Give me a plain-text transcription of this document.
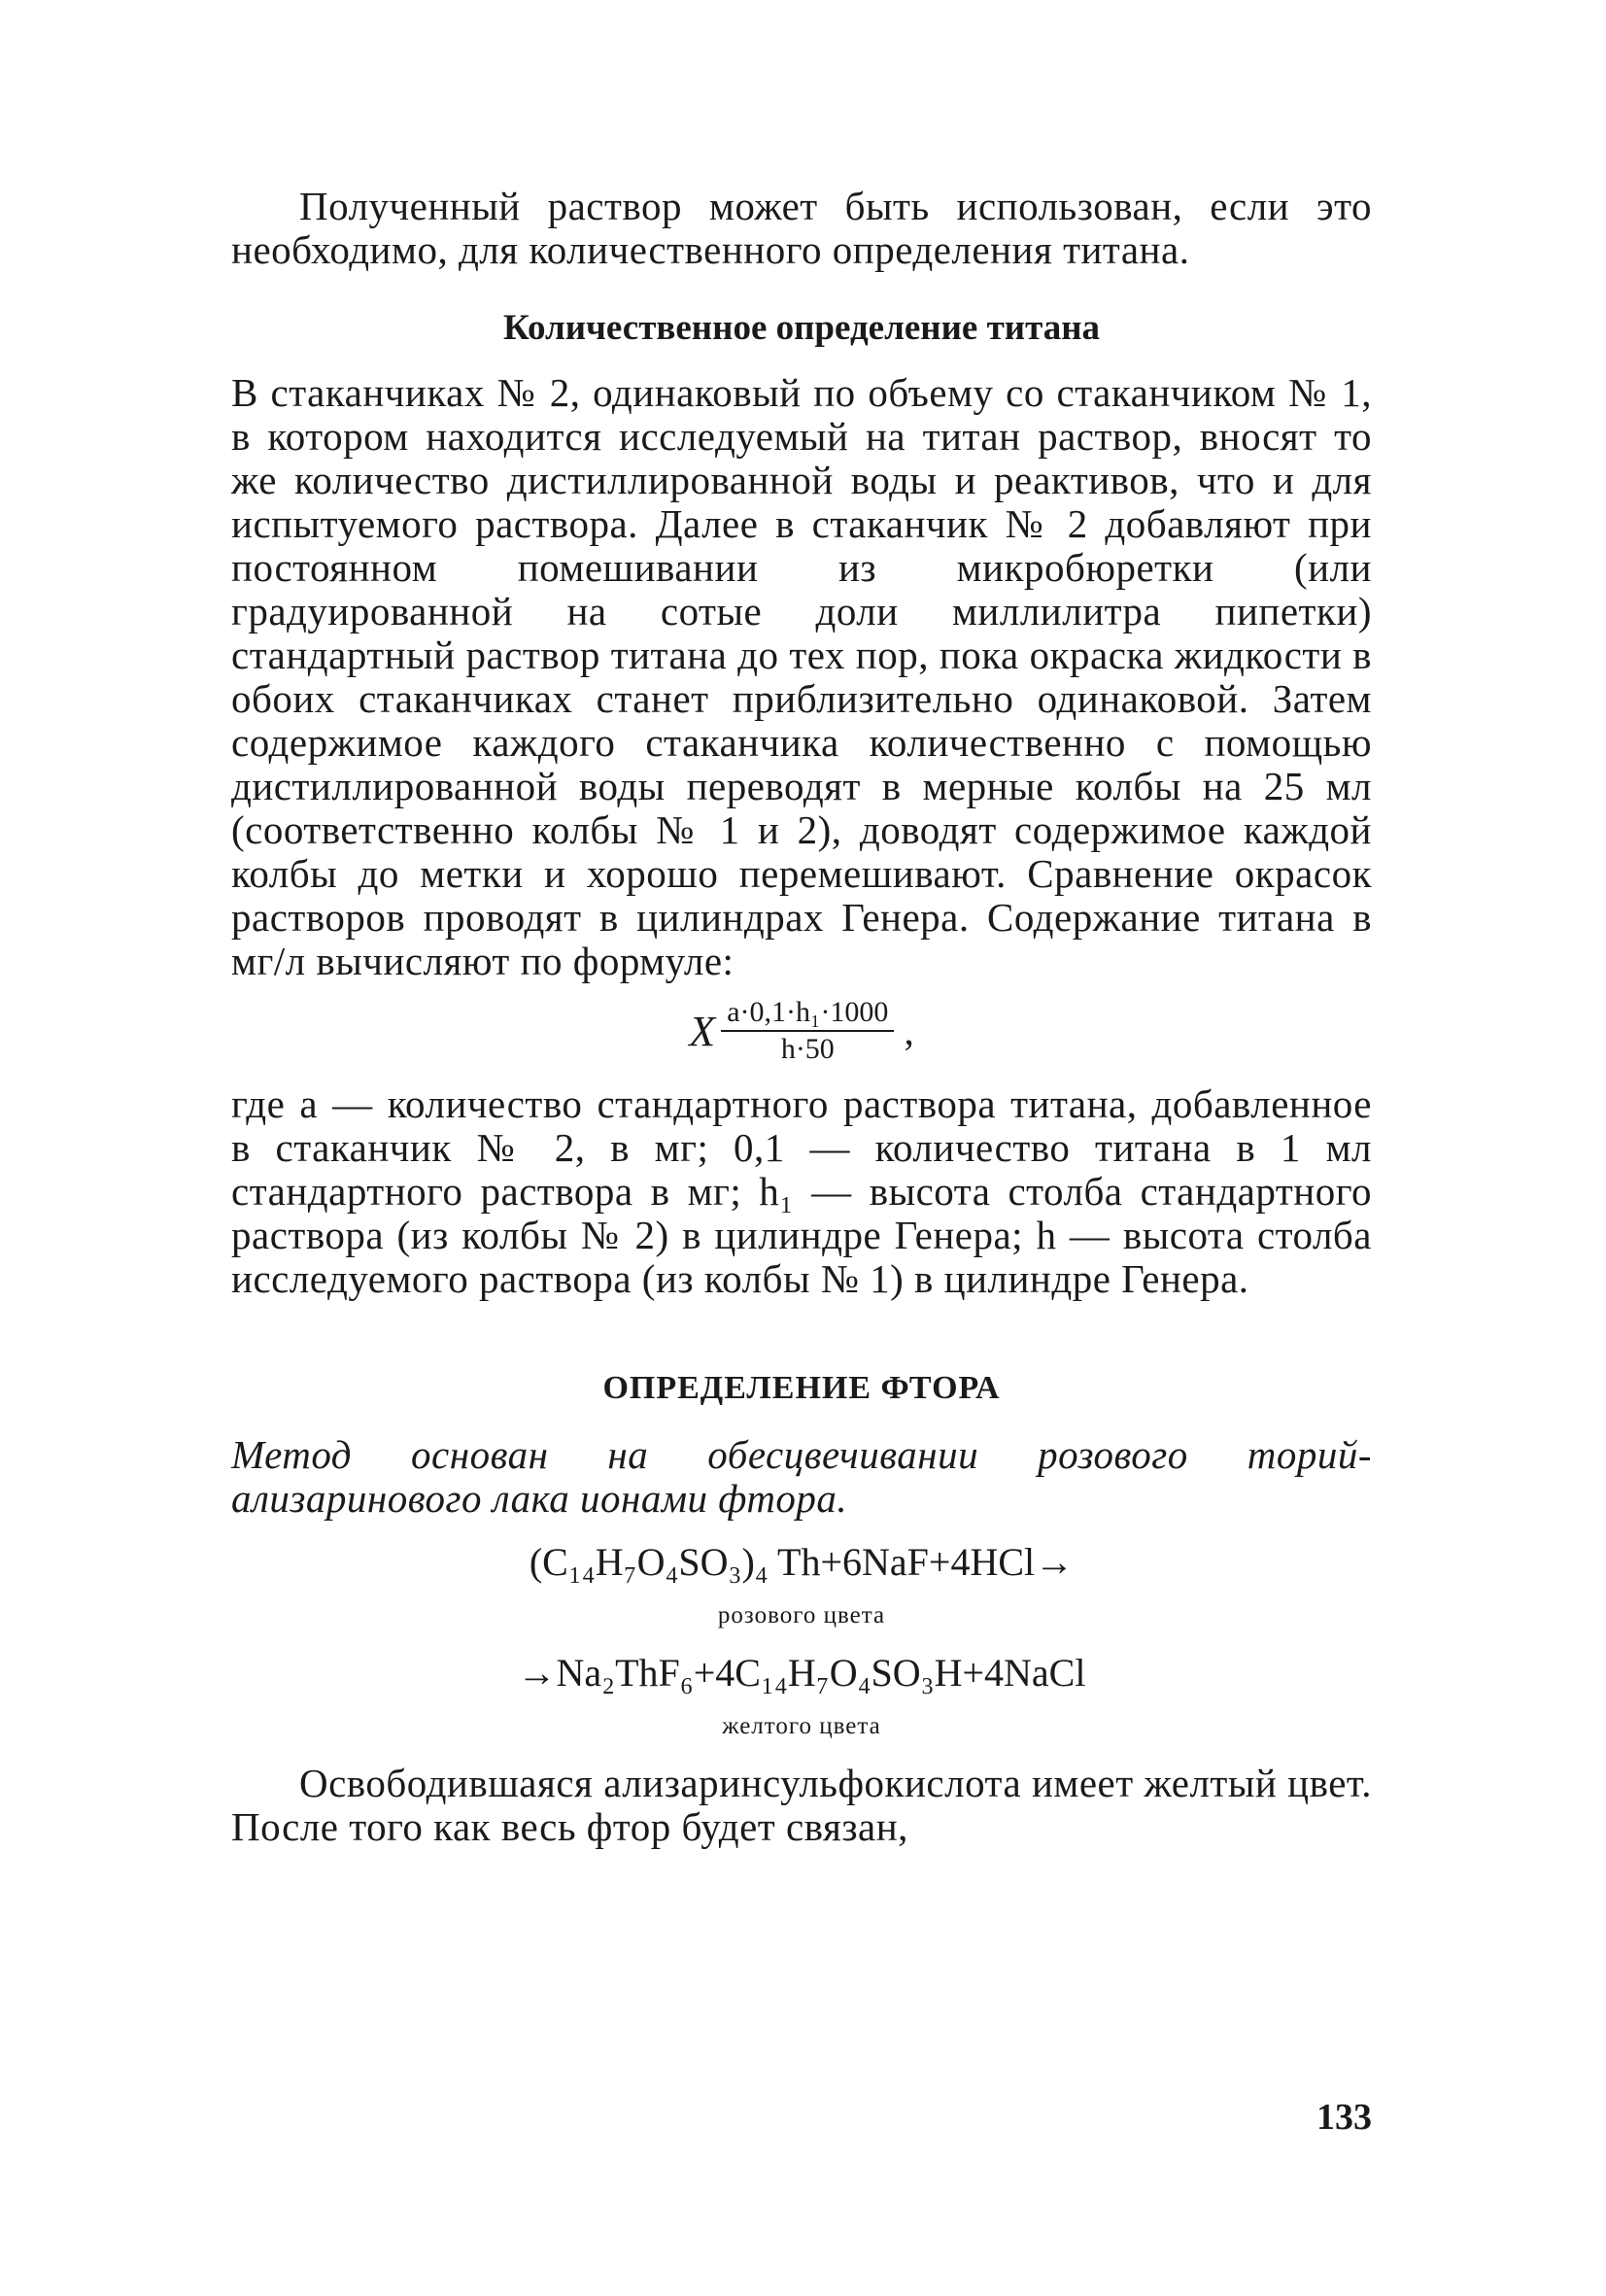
Полученный раствор может быть использован, если это необходимо, для количественного определения титана.

Количественное определение титана

В стаканчиках № 2, одинаковый по объему со стаканчиком № 1, в котором находится исследуемый на титан раствор, вносят то же количество дистиллированной воды и реактивов, что и для испытуемого раствора. Далее в стаканчик № 2 добавляют при постоянном помешивании из микробюретки (или градуированной на сотые доли миллилитра пипетки) стандартный раствор титана до тех пор, пока окраска жидкости в обоих стаканчиках станет приблизительно одинаковой. Затем содержимое каждого стаканчика количественно с помощью дистиллированной воды переводят в мерные колбы на 25 мл (соответственно колбы № 1 и 2), доводят содержимое каждой колбы до метки и хорошо перемешивают. Сравнение окрасок растворов проводят в цилиндрах Генера. Содержание титана в мг/л вычисляют по формуле:

X $\frac{\text{a·0,1·h₁·1000}}{h\cdot 50}$ ,

где a — количество стандартного раствора титана, добавленное в стаканчик № 2, в мг; 0,1 — количество титана в 1 мл стандартного раствора в мг; h₁ — высота столба стандартного раствора (из колбы № 2) в цилиндре Генера; h — высота столба исследуемого раствора (из колбы № 1) в цилиндре Генера.

ОПРЕДЕЛЕНИЕ ФТОРА

Метод основан на обесцвечивании розового торий-ализаринового лака ионами фтора.

(C₁₄H₇O₄SO₃)₄ Th+6NaF+4HCl→
розового цвета
→Na₂ThF₆+4C₁₄H₇O₄SO₃H+4NaCl
желтого цвета

Освободившаяся ализаринсульфокислота имеет желтый цвет. После того как весь фтор будет связан,

133
